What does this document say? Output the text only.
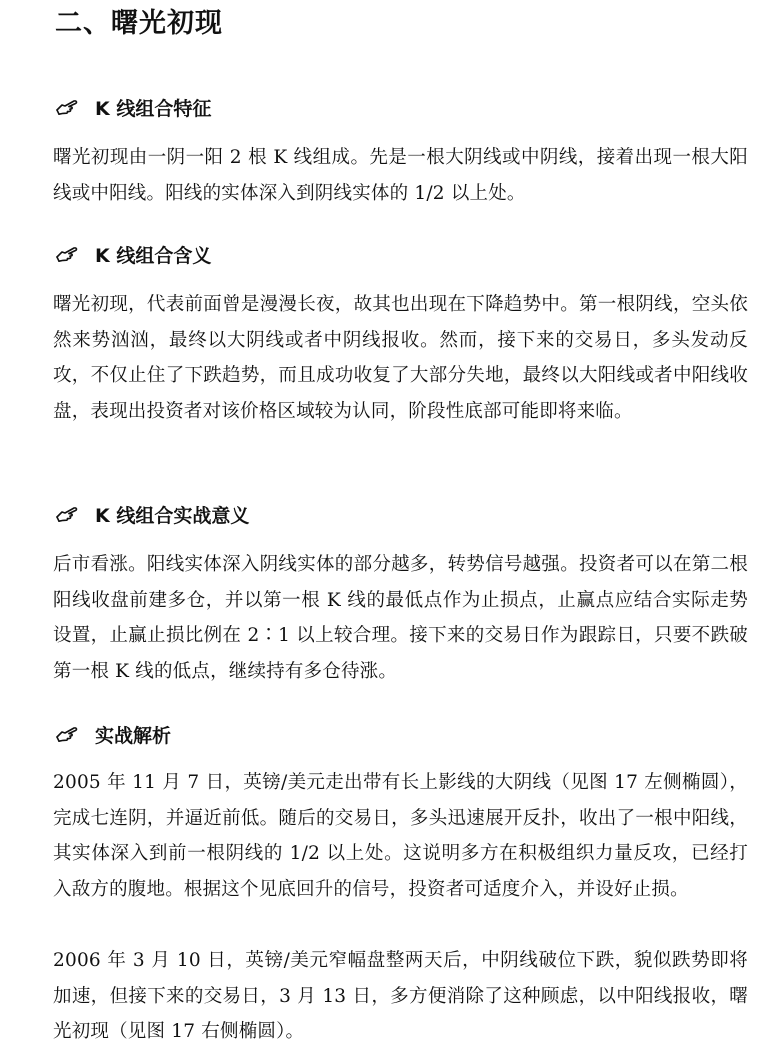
二、曙光初现
K 线组合特征

曙光初现由一阴一阳 2 根 K 线组成。先是一根大阴线或中阴线，接着出现一根大阳线或中阳线。阳线的实体深入到阴线实体的 1/2 以上处。

K 线组合含义

曙光初现，代表前面曾是漫漫长夜，故其也出现在下降趋势中。第一根阴线，空头依然来势汹汹，最终以大阴线或者中阴线报收。然而，接下来的交易日，多头发动反攻，不仅止住了下跌趋势，而且成功收复了大部分失地，最终以大阳线或者中阳线收盘，表现出投资者对该价格区域较为认同，阶段性底部可能即将来临。

K 线组合实战意义

后市看涨。阳线实体深入阴线实体的部分越多，转势信号越强。投资者可以在第二根阳线收盘前建多仓，并以第一根 K 线的最低点作为止损点，止赢点应结合实际走势设置，止赢止损比例在 2∶1 以上较合理。接下来的交易日作为跟踪日，只要不跌破第一根 K 线的低点，继续持有多仓待涨。

实战解析

2005 年 11 月 7 日，英镑/美元走出带有长上影线的大阴线（见图 17 左侧椭圆），完成七连阴，并逼近前低。随后的交易日，多头迅速展开反扑，收出了一根中阳线，其实体深入到前一根阴线的 1/2 以上处。这说明多方在积极组织力量反攻，已经打入敌方的腹地。根据这个见底回升的信号，投资者可适度介入，并设好止损。

2006 年 3 月 10 日，英镑/美元窄幅盘整两天后，中阴线破位下跌，貌似跌势即将加速，但接下来的交易日，3 月 13 日，多方便消除了这种顾虑，以中阳线报收，曙光初现（见图 17 右侧椭圆）。
